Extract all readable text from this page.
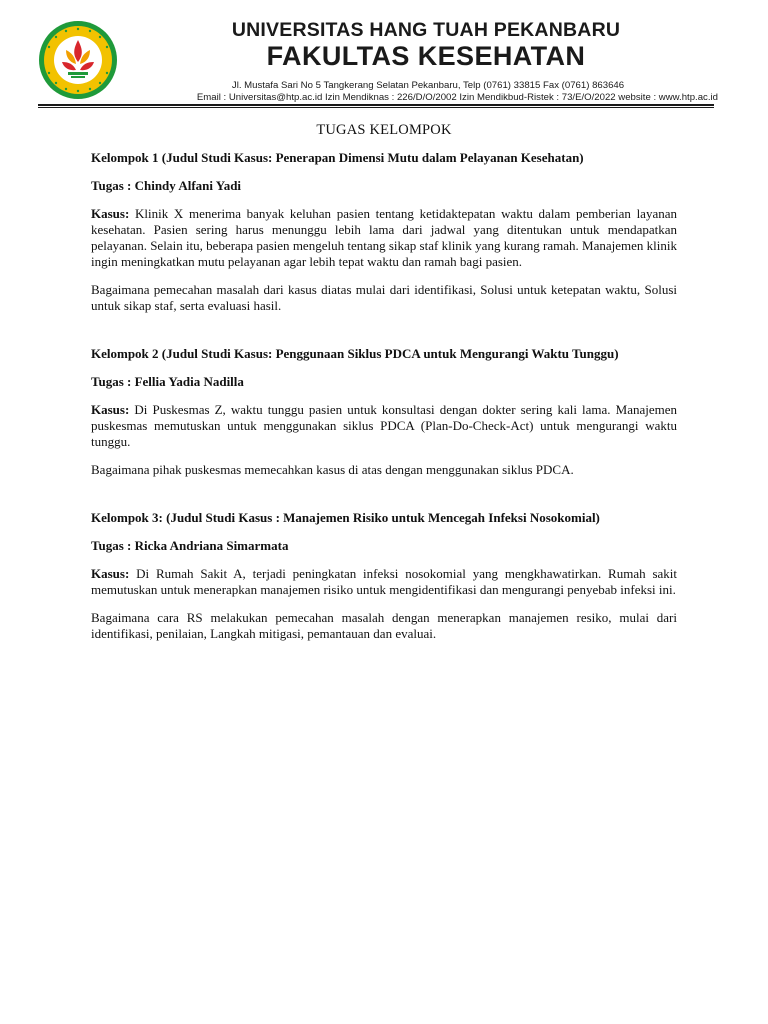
UNIVERSITAS HANG TUAH PEKANBARU
FAKULTAS KESEHATAN
Jl. Mustafa Sari No 5 Tangkerang Selatan Pekanbaru, Telp (0761) 33815 Fax (0761) 863646
Email : Universitas@htp.ac.id Izin Mendiknas : 226/D/O/2002 Izin Mendikbud-Ristek : 73/E/O/2022 website : www.htp.ac.id
TUGAS KELOMPOK
Kelompok 1 (Judul Studi Kasus: Penerapan Dimensi Mutu dalam Pelayanan Kesehatan)
Tugas : Chindy Alfani Yadi
Kasus: Klinik X menerima banyak keluhan pasien tentang ketidaktepatan waktu dalam pemberian layanan kesehatan. Pasien sering harus menunggu lebih lama dari jadwal yang ditentukan untuk mendapatkan pelayanan. Selain itu, beberapa pasien mengeluh tentang sikap staf klinik yang kurang ramah. Manajemen klinik ingin meningkatkan mutu pelayanan agar lebih tepat waktu dan ramah bagi pasien.
Bagaimana pemecahan masalah dari kasus diatas mulai dari identifikasi, Solusi untuk ketepatan waktu, Solusi untuk sikap staf, serta evaluasi hasil.
Kelompok 2 (Judul Studi Kasus: Penggunaan Siklus PDCA untuk Mengurangi Waktu Tunggu)
Tugas : Fellia Yadia Nadilla
Kasus: Di Puskesmas Z, waktu tunggu pasien untuk konsultasi dengan dokter sering kali lama. Manajemen puskesmas memutuskan untuk menggunakan siklus PDCA (Plan-Do-Check-Act) untuk mengurangi waktu tunggu.
Bagaimana pihak puskesmas memecahkan kasus di atas dengan menggunakan siklus PDCA.
Kelompok 3: (Judul Studi Kasus : Manajemen Risiko untuk Mencegah Infeksi Nosokomial)
Tugas : Ricka Andriana Simarmata
Kasus: Di Rumah Sakit A, terjadi peningkatan infeksi nosokomial yang mengkhawatirkan. Rumah sakit memutuskan untuk menerapkan manajemen risiko untuk mengidentifikasi dan mengurangi penyebab infeksi ini.
Bagaimana cara RS melakukan pemecahan masalah dengan menerapkan manajemen resiko, mulai dari identifikasi, penilaian, Langkah mitigasi, pemantauan dan evaluai.
